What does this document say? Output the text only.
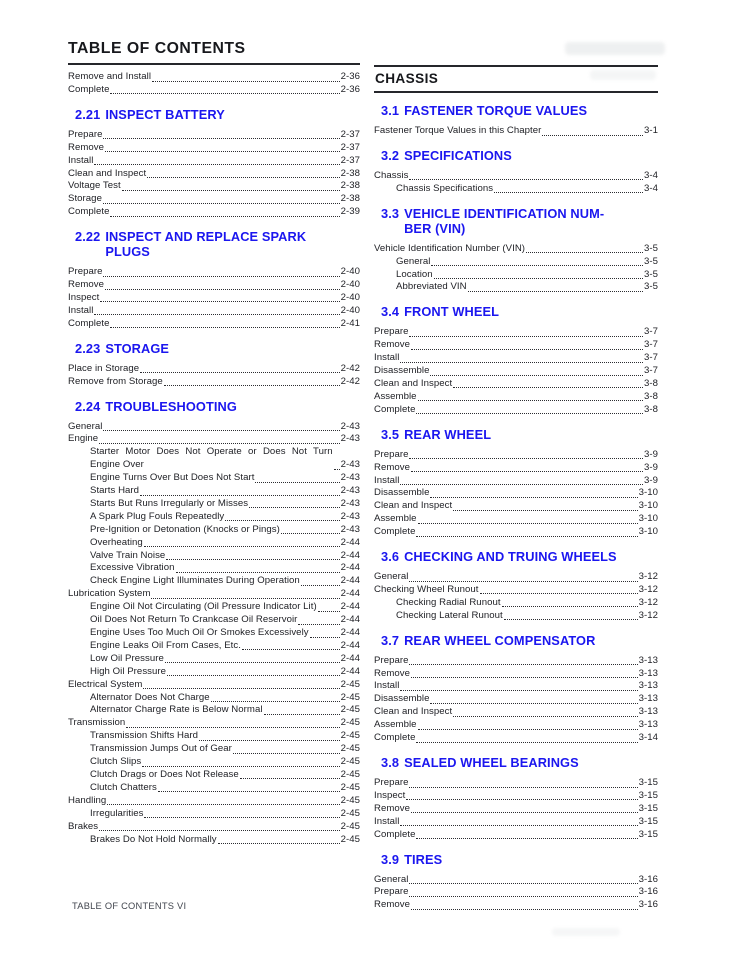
TABLE OF CONTENTS
Remove and Install	2-36
Complete	2-36
2.21 INSPECT BATTERY
Prepare	2-37
Remove	2-37
Install	2-37
Clean and Inspect	2-38
Voltage Test	2-38
Storage	2-38
Complete	2-39
2.22 INSPECT AND REPLACE SPARK
PLUGS
Prepare	2-40
Remove	2-40
Inspect	2-40
Install	2-40
Complete	2-41
2.23 STORAGE
Place in Storage	2-42
Remove from Storage	2-42
2.24 TROUBLESHOOTING
General	2-43
Engine	2-43
Starter Motor Does Not Operate or Does Not Turn Engine Over	2-43
Engine Turns Over But Does Not Start	2-43
Starts Hard	2-43
Starts But Runs Irregularly or Misses	2-43
A Spark Plug Fouls Repeatedly	2-43
Pre-Ignition or Detonation (Knocks or Pings)	2-43
Overheating	2-44
Valve Train Noise	2-44
Excessive Vibration	2-44
Check Engine Light Illuminates During Operation	2-44
Lubrication System	2-44
Engine Oil Not Circulating (Oil Pressure Indicator Lit) 2-44
Oil Does Not Return To Crankcase Oil Reservoir	2-44
Engine Uses Too Much Oil Or Smokes Excessively	2-44
Engine Leaks Oil From Cases, Etc.	2-44
Low Oil Pressure	2-44
High Oil Pressure	2-44
Electrical System	2-45
Alternator Does Not Charge	2-45
Alternator Charge Rate is Below Normal	2-45
Transmission	2-45
Transmission Shifts Hard	2-45
Transmission Jumps Out of Gear	2-45
Clutch Slips	2-45
Clutch Drags or Does Not Release	2-45
Clutch Chatters	2-45
Handling	2-45
Irregularities	2-45
Brakes	2-45
Brakes Do Not Hold Normally	2-45
CHASSIS
3.1 FASTENER TORQUE VALUES
Fastener Torque Values in this Chapter	3-1
3.2 SPECIFICATIONS
Chassis	3-4
Chassis Specifications	3-4
3.3 VEHICLE IDENTIFICATION NUM-
BER (VIN)
Vehicle Identification Number (VIN)	3-5
General	3-5
Location	3-5
Abbreviated VIN	3-5
3.4 FRONT WHEEL
Prepare	3-7
Remove	3-7
Install	3-7
Disassemble	3-7
Clean and Inspect	3-8
Assemble	3-8
Complete	3-8
3.5 REAR WHEEL
Prepare	3-9
Remove	3-9
Install	3-9
Disassemble	3-10
Clean and Inspect	3-10
Assemble	3-10
Complete	3-10
3.6 CHECKING AND TRUING WHEELS
General	3-12
Checking Wheel Runout	3-12
Checking Radial Runout	3-12
Checking Lateral Runout	3-12
3.7 REAR WHEEL COMPENSATOR
Prepare	3-13
Remove	3-13
Install	3-13
Disassemble	3-13
Clean and Inspect	3-13
Assemble	3-13
Complete	3-14
3.8 SEALED WHEEL BEARINGS
Prepare	3-15
Inspect	3-15
Remove	3-15
Install	3-15
Complete	3-15
3.9 TIRES
General	3-16
Prepare	3-16
Remove	3-16
TABLE OF CONTENTS VI
